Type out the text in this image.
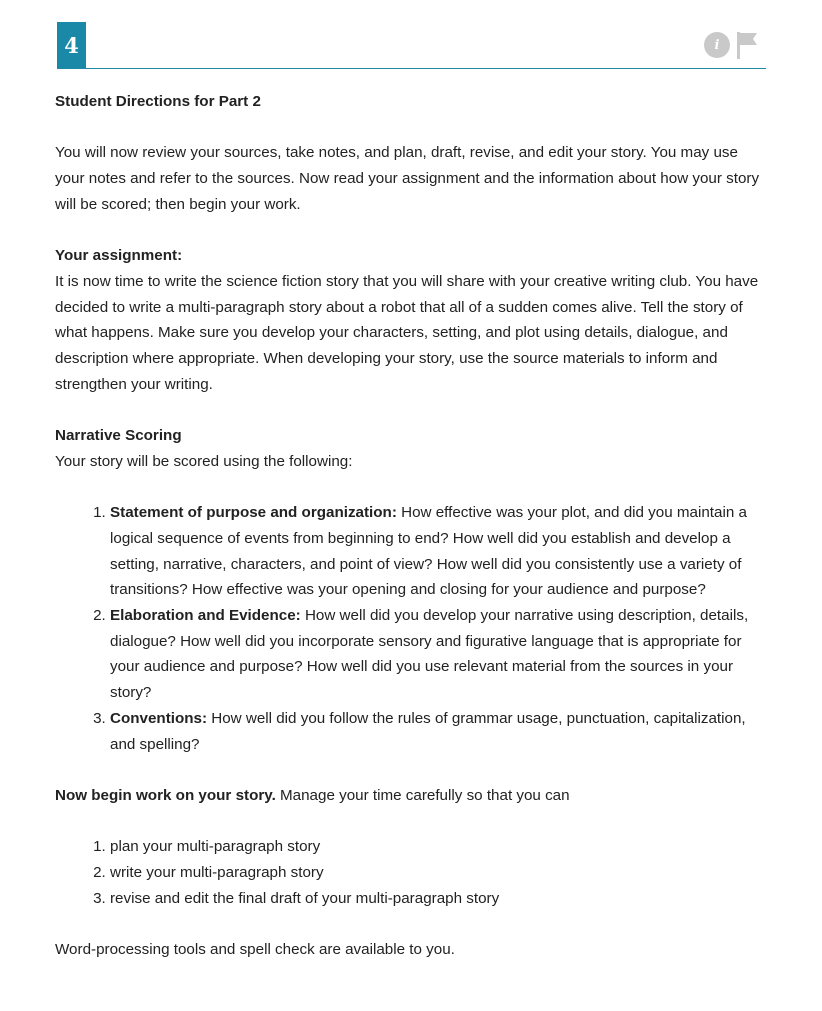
4	i

Student Directions for Part 2

You will now review your sources, take notes, and plan, draft, revise, and edit your story. You may use your notes and refer to the sources. Now read your assignment and the information about how your story will be scored; then begin your work.

Your assignment:

It is now time to write the science fiction story that you will share with your creative writing club. You have decided to write a multi-paragraph story about a robot that all of a sudden comes alive. Tell the story of what happens. Make sure you develop your characters, setting, and plot using details, dialogue, and description where appropriate. When developing your story, use the source materials to inform and strengthen your writing.

Narrative Scoring

Your story will be scored using the following:

1. Statement of purpose and organization: How effective was your plot, and did you maintain a logical sequence of events from beginning to end? How well did you establish and develop a setting, narrative, characters, and point of view? How well did you consistently use a variety of transitions? How effective was your opening and closing for your audience and purpose?
2. Elaboration and Evidence: How well did you develop your narrative using description, details, dialogue? How well did you incorporate sensory and figurative language that is appropriate for your audience and purpose? How well did you use relevant material from the sources in your story?
3. Conventions: How well did you follow the rules of grammar usage, punctuation, capitalization, and spelling?

Now begin work on your story. Manage your time carefully so that you can

1. plan your multi-paragraph story
2. write your multi-paragraph story
3. revise and edit the final draft of your multi-paragraph story

Word-processing tools and spell check are available to you.
